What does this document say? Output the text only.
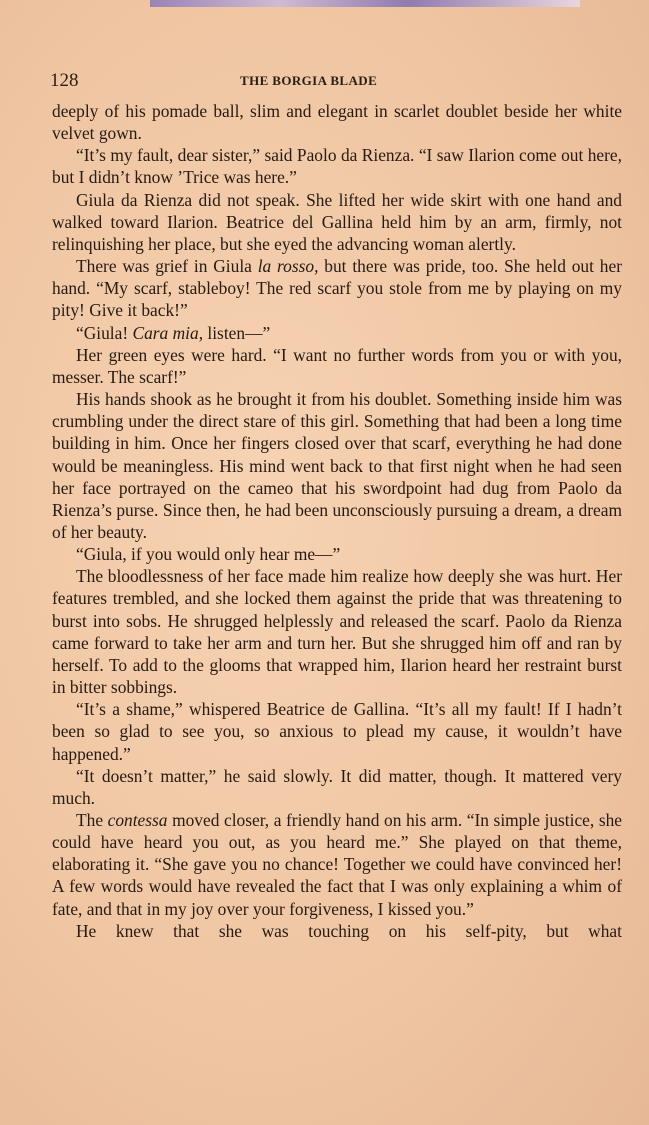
128	THE BORGIA BLADE

deeply of his pomade ball, slim and elegant in scarlet doublet beside her white velvet gown.

“It’s my fault, dear sister,” said Paolo da Rienza. “I saw Ilarion come out here, but I didn’t know ’Trice was here.”

Giula da Rienza did not speak. She lifted her wide skirt with one hand and walked toward Ilarion. Beatrice del Gallina held him by an arm, firmly, not relinquishing her place, but she eyed the advancing woman alertly.

There was grief in Giula la rosso, but there was pride, too. She held out her hand. “My scarf, stableboy! The red scarf you stole from me by playing on my pity! Give it back!”

“Giula! Cara mia, listen—”

Her green eyes were hard. “I want no further words from you or with you, messer. The scarf!”

His hands shook as he brought it from his doublet. Something inside him was crumbling under the direct stare of this girl. Something that had been a long time building in him. Once her fingers closed over that scarf, everything he had done would be meaningless. His mind went back to that first night when he had seen her face portrayed on the cameo that his swordpoint had dug from Paolo da Rienza’s purse. Since then, he had been unconsciously pursuing a dream, a dream of her beauty.

“Giula, if you would only hear me—”

The bloodlessness of her face made him realize how deeply she was hurt. Her features trembled, and she locked them against the pride that was threatening to burst into sobs. He shrugged helplessly and released the scarf. Paolo da Rienza came forward to take her arm and turn her. But she shrugged him off and ran by herself. To add to the glooms that wrapped him, Ilarion heard her restraint burst in bitter sobbings.

“It’s a shame,” whispered Beatrice de Gallina. “It’s all my fault! If I hadn’t been so glad to see you, so anxious to plead my cause, it wouldn’t have happened.”

“It doesn’t matter,” he said slowly. It did matter, though. It mattered very much.

The contessa moved closer, a friendly hand on his arm. “In simple justice, she could have heard you out, as you heard me.” She played on that theme, elaborating it. “She gave you no chance! Together we could have convinced her! A few words would have revealed the fact that I was only explaining a whim of fate, and that in my joy over your forgiveness, I kissed you.”

He knew that she was touching on his self-pity, but what
